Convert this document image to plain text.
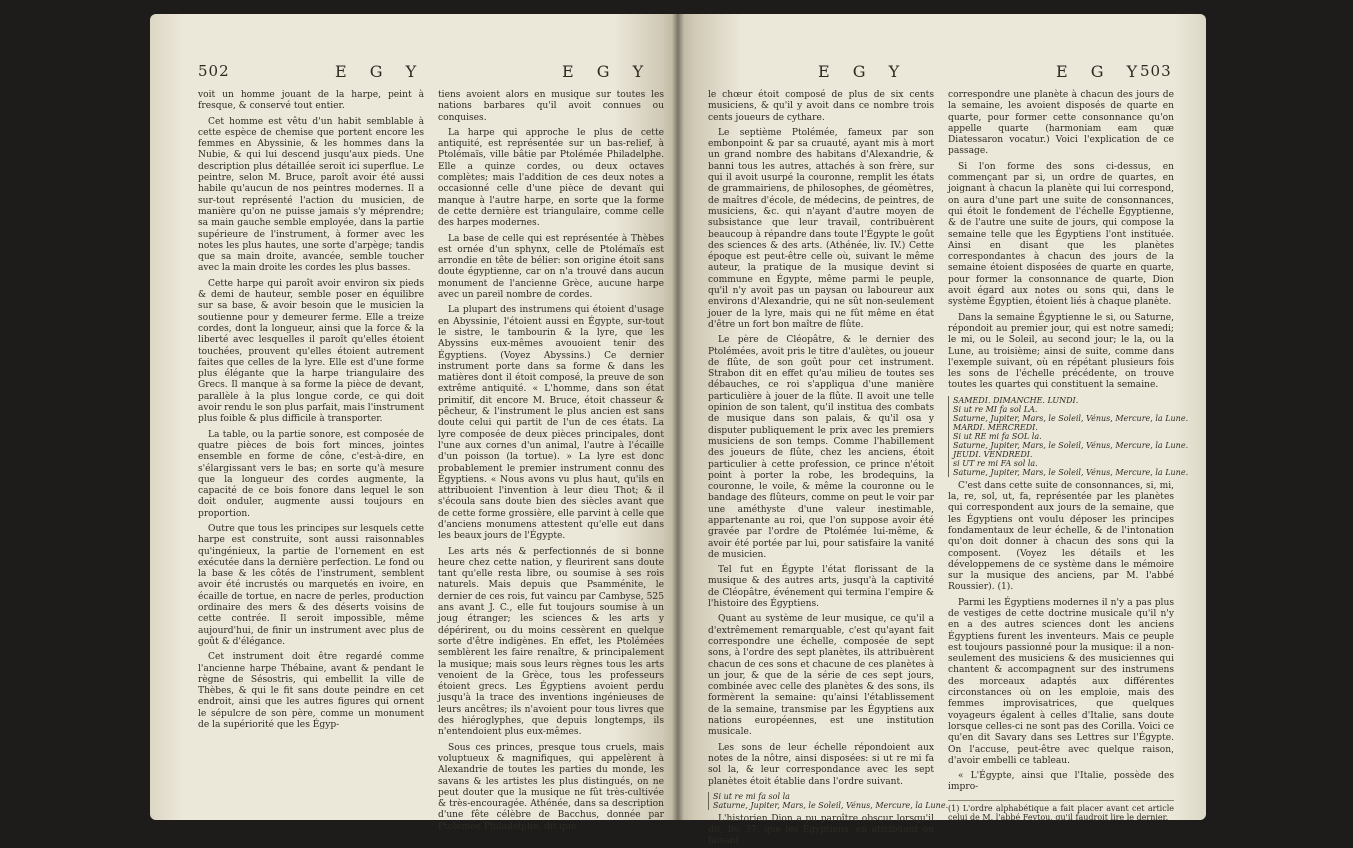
502	E G Y	E G Y

voit un homme jouant de la harpe, peint à fresque, & conservé tout entier.

Cet homme est vêtu d'un habit semblable à cette espèce de chemise que portent encore les femmes en Abyssinie, & les hommes dans la Nubie, & qui lui descend jusqu'aux pieds. Une description plus détaillée seroit ici superflue. Le peintre, selon M. Bruce, paroît avoir été aussi habile qu'aucun de nos peintres modernes. Il a sur-tout représenté l'action du musicien, de manière qu'on ne puisse jamais s'y méprendre; sa main gauche semble employée, dans la partie supérieure de l'instrument, à former avec les notes les plus hautes, une sorte d'arpège; tandis que sa main droite, avancée, semble toucher avec la main droite les cordes les plus basses.

Cette harpe qui paroît avoir environ six pieds & demi de hauteur, semble poser en équilibre sur sa base, & avoir besoin que le musicien la soutienne pour y demeurer ferme. Elle a treize cordes, dont la longueur, ainsi que la force & la liberté avec lesquelles il paroît qu'elles étoient touchées, prouvent qu'elles étoient autrement faites que celles de la lyre. Elle est d'une forme plus élégante que la harpe triangulaire des Grecs. Il manque à sa forme la pièce de devant, parallèle à la plus longue corde, ce qui doit avoir rendu le son plus parfait, mais l'instrument plus foible & plus difficile à transporter.

La table, ou la partie sonore, est composée de quatre pièces de bois fort minces, jointes ensemble en forme de cône, c'est-à-dire, en s'élargissant vers le bas; en sorte qu'à mesure que la longueur des cordes augmente, la capacité de ce bois fonore dans lequel le son doit onduler, augmente aussi toujours en proportion.

Outre que tous les principes sur lesquels cette harpe est construite, sont aussi raisonnables qu'ingénieux, la partie de l'ornement en est exécutée dans la dernière perfection. Le fond ou la base & les côtés de l'instrument, semblent avoir été incrustés ou marquetés en ivoire, en écaille de tortue, en nacre de perles, production ordinaire des mers & des déserts voisins de cette contrée. Il seroit impossible, même aujourd'hui, de finir un instrument avec plus de goût & d'élégance.

Cet instrument doit être regardé comme l'ancienne harpe Thébaine, avant & pendant le règne de Sésostris, qui embellit la ville de Thèbes, & qui le fit sans doute peindre en cet endroit, ainsi que les autres figures qui ornent le sépulcre de son père, comme un monument de la supériorité que les Égyp-

tiens avoient alors en musique sur toutes les nations barbares qu'il avoit connues ou conquises.

La harpe qui approche le plus de cette antiquité, est représentée sur un bas-relief, à Ptolémaïs, ville bâtie par Ptolémée Philadelphe. Elle a quinze cordes, ou deux octaves complètes; mais l'addition de ces deux notes a occasionné celle d'une pièce de devant qui manque à l'autre harpe, en sorte que la forme de cette dernière est triangulaire, comme celle des harpes modernes.

La base de celle qui est représentée à Thèbes est ornée d'un sphynx, celle de Ptolémaïs est arrondie en tête de bélier: son origine étoit sans doute égyptienne, car on n'a trouvé dans aucun monument de l'ancienne Grèce, aucune harpe avec un pareil nombre de cordes.

La plupart des instrumens qui étoient d'usage en Abyssinie, l'étoient aussi en Égypte, sur-tout le sistre, le tambourin & la lyre, que les Abyssins eux-mêmes avouoient tenir des Égyptiens. (Voyez Abyssins.) Ce dernier instrument porte dans sa forme & dans les matières dont il étoit composé, la preuve de son extrême antiquité. « L'homme, dans son état primitif, dit encore M. Bruce, étoit chasseur & pêcheur, & l'instrument le plus ancien est sans doute celui qui partit de l'un de ces états. La lyre composée de deux pièces principales, dont l'une aux cornes d'un animal, l'autre à l'écaille d'un poisson (la tortue). » La lyre est donc probablement le premier instrument connu des Égyptiens. « Nous avons vu plus haut, qu'ils en attribuoient l'invention à leur dieu Thot; & il s'écoula sans doute bien des siècles avant que de cette forme grossière, elle parvint à celle que d'anciens monumens attestent qu'elle eut dans les beaux jours de l'Égypte.

Les arts nés & perfectionnés de si bonne heure chez cette nation, y fleurirent sans doute tant qu'elle resta libre, ou soumise à ses rois naturels. Mais depuis que Psamménite, le dernier de ces rois, fut vaincu par Cambyse, 525 ans avant J. C., elle fut toujours soumise à un joug étranger; les sciences & les arts y dépérirent, ou du moins cessèrent en quelque sorte d'être indigènes. En effet, les Ptolémées semblèrent les faire renaître, & principalement la musique; mais sous leurs règnes tous les arts venoient de la Grèce, tous les professeurs étoient grecs. Les Égyptiens avoient perdu jusqu'à la trace des inventions ingénieuses de leurs ancêtres; ils n'avoient pour tous livres que des hiéroglyphes, que depuis longtemps, ils n'entendoient plus eux-mêmes.

Sous ces princes, presque tous cruels, mais voluptueux & magnifiques, qui appelèrent à Alexandrie de toutes les parties du monde, les savans & les artistes les plus distingués, on ne peut douter que la musique ne fût très-cultivée & très-encouragée. Athénée, dans sa description d'une fête célèbre de Bacchus, donnée par Ptolémée Philadelphe, dit que

E G Y	E G Y
503

le chœur étoit composé de plus de six cents musiciens, & qu'il y avoit dans ce nombre trois cents joueurs de cythare.

Le septième Ptolémée, fameux par son embonpoint & par sa cruauté, ayant mis à mort un grand nombre des habitans d'Alexandrie, & banni tous les autres, attachés à son frère, sur qui il avoit usurpé la couronne, remplit les états de grammairiens, de philosophes, de géomètres, de maîtres d'école, de médecins, de peintres, de musiciens, &c. qui n'ayant d'autre moyen de subsistance que leur travail, contribuèrent beaucoup à répandre dans toute l'Égypte le goût des sciences & des arts. (Athénée, liv. IV.) Cette époque est peut-être celle où, suivant le même auteur, la pratique de la musique devint si commune en Égypte, même parmi le peuple, qu'il n'y avoit pas un paysan ou laboureur aux environs d'Alexandrie, qui ne sût non-seulement jouer de la lyre, mais qui ne fût même en état d'être un fort bon maître de flûte.

Le père de Cléopâtre, & le dernier des Ptolémées, avoit pris le titre d'aulètes, ou joueur de flûte, de son goût pour cet instrument. Strabon dit en effet qu'au milieu de toutes ses débauches, ce roi s'appliqua d'une manière particulière à jouer de la flûte. Il avoit une telle opinion de son talent, qu'il institua des combats de musique dans son palais, & qu'il osa y disputer publiquement le prix avec les premiers musiciens de son temps. Comme l'habillement des joueurs de flûte, chez les anciens, étoit particulier à cette profession, ce prince n'étoit point à porter la robe, les brodequins, la couronne, le voile, & même la couronne ou le bandage des flûteurs, comme on peut le voir par une améthyste d'une valeur inestimable, appartenante au roi, que l'on suppose avoir été gravée par l'ordre de Ptolémée lui-même, & avoir été portée par lui, pour satisfaire la vanité de musicien.

Tel fut en Égypte l'état florissant de la musique & des autres arts, jusqu'à la captivité de Cléopâtre, événement qui termina l'empire & l'histoire des Égyptiens.

Quant au système de leur musique, ce qu'il a d'extrêmement remarquable, c'est qu'ayant fait correspondre une échelle, composée de sept sons, à l'ordre des sept planètes, ils attribuèrent chacun de ces sons et chacune de ces planètes à un jour, & que de la série de ces sept jours, combinée avec celle des planètes & des sons, ils formèrent la semaine: qu'ainsi l'établissement de la semaine, transmise par les Égyptiens aux nations européennes, est une institution musicale.

Les sons de leur échelle répondoient aux notes de la nôtre, ainsi disposées: si ut re mi fa sol la, & leur correspondance avec les sept planètes étoit établie dans l'ordre suivant.

Si ut re mi fa sol la
Saturne, Jupiter, Mars, le Soleil, Vénus, Mercure, la Lune.

L'historien Dion a pu paroître obscur lorsqu'il dit, liv. 37, que les Égyptiens, en attribuant ou faisant

correspondre une planète à chacun des jours de la semaine, les avoient disposés de quarte en quarte, pour former cette consonnance qu'on appelle quarte (harmoniam eam quæ Diatessaron vocatur.) Voici l'explication de ce passage.

Si l'on forme des sons ci-dessus, en commençant par si, un ordre de quartes, en joignant à chacun la planète qui lui correspond, on aura d'une part une suite de consonnances, qui étoit le fondement de l'échelle Égyptienne, & de l'autre une suite de jours, qui compose la semaine telle que les Égyptiens l'ont instituée. Ainsi en disant que les planètes correspondantes à chacun des jours de la semaine étoient disposées de quarte en quarte, pour former la consonnance de quarte, Dion avoit égard aux notes ou sons qui, dans le système Égyptien, étoient liés à chaque planète.

Dans la semaine Égyptienne le si, ou Saturne, répondoit au premier jour, qui est notre samedi; le mi, ou le Soleil, au second jour; le la, ou la Lune, au troisième; ainsi de suite, comme dans l'exemple suivant, où en répétant plusieurs fois les sons de l'échelle précédente, on trouve toutes les quartes qui constituent la semaine.

SAMEDI. DIMANCHE. LUNDI.
Si ut re MI fa sol LA.
Saturne, Jupiter, Mars, le Soleil, Vénus, Mercure, la Lune.
MARDI. MERCREDI.
Si ut RE mi fa SOL la.
Saturne, Jupiter, Mars, le Soleil, Vénus, Mercure, la Lune.
JEUDI. VENDREDI.
si UT re mi FA sol la.
Saturne, Jupiter, Mars, le Soleil, Vénus, Mercure, la Lune.

C'est dans cette suite de consonnances, si, mi, la, re, sol, ut, fa, représentée par les planètes qui correspondent aux jours de la semaine, que les Égyptiens ont voulu déposer les principes fondamentaux de leur échelle, & de l'intonation qu'on doit donner à chacun des sons qui la composent. (Voyez les détails et les développemens de ce système dans le mémoire sur la musique des anciens, par M. l'abbé Roussier). (1).

Parmi les Égyptiens modernes il n'y a pas plus de vestiges de cette doctrine musicale qu'il n'y en a des autres sciences dont les anciens Égyptiens furent les inventeurs. Mais ce peuple est toujours passionné pour la musique: il a non-seulement des musiciens & des musiciennes qui chantent & accompagnent sur des instrumens des morceaux adaptés aux différentes circonstances où on les emploie, mais des femmes improvisatrices, que quelques voyageurs égalent à celles d'Italie, sans doute lorsque celles-ci ne sont pas des Corilla. Voici ce qu'en dit Savary dans ses Lettres sur l'Égypte. On l'accuse, peut-être avec quelque raison, d'avoir embelli ce tableau.

« L'Égypte, ainsi que l'Italie, possède des impro-

(1) L'ordre alphabétique a fait placer avant cet article celui de M. l'abbé Feytou, qu'il faudroit lire le dernier.
